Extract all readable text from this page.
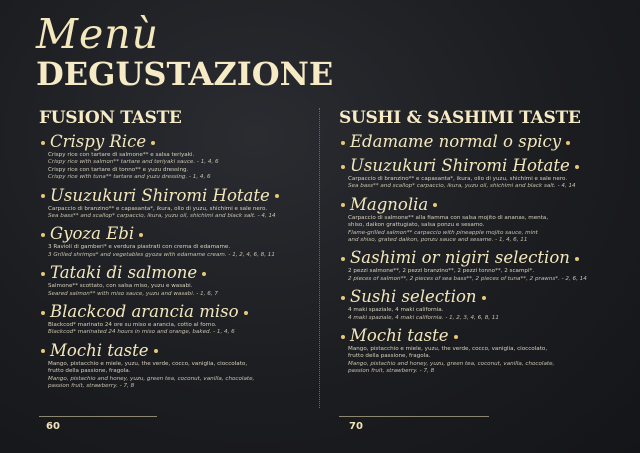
Menù
DEGUSTAZIONE
FUSION TASTE
Crispy Rice
Crispy rice con tartare di salmone** e salsa teriyaki.
Crispy rice with salmon** tartare and teriyaki sauce. - 1, 4, 6
Crispy rice con tartare di tonno** e yuzu dressing.
Crispy rice with tuna** tartare and yuzu dressing. - 1, 4, 6
Usuzukuri Shiromi Hotate
Carpaccio di branzino** e capasanta*, ikura, olio di yuzu, shichimi e sale nero.
Sea bass** and scallop* carpaccio, ikura, yuzu oil, shichimi and black salt. - 4, 14
Gyoza Ebi
3 Ravioli di gamberi* e verdura piastrati con crema di edamame.
3 Grilled shrimps* and vegetables gyoza with edamame cream. - 1, 2, 4, 6, 8, 11
Tataki di salmone
Salmone** scottato, con salsa miso, yuzu e wasabi.
Seared salmon** with miso sauce, yuzu and wasabi. - 1, 6, 7
Blackcod arancia miso
Blackcod* marinato 24 ore su miso e arancia, cotto al forno.
Blackcod* marinated 24 hours in miso and orange, baked. - 1, 4, 6
Mochi taste
Mango, pistacchio e miele, yuzu, the verde, cocco, vaniglia, cioccolato,
frutto della passione, fragola.
Mango, pistachio and honey, yuzu, green tea, coconut, vanilla, chocolate,
passion fruit, strawberry. - 7, 8
SUSHI & SASHIMI TASTE
Edamame normal o spicy
Usuzukuri Shiromi Hotate
Carpaccio di branzino** e capasanta*, ikura, olio di yuzu, shichimi e sale nero.
Sea bass** and scallop* carpaccio, ikura, yuzu oil, shichimi and black salt. - 4, 14
Magnolia
Carpaccio di salmone** alla fiamma con salsa mojito di ananas, menta,
shiso, daikon grattugiato, salsa ponzu e sesamo.
Flame-grilled salmon** carpaccio with pineapple mojito sauce, mint
and shiso, grated daikon, ponzu sauce and sesame. - 1, 4, 6, 11
Sashimi or nigiri selection
2 pezzi salmone**, 2 pezzi branzino**, 2 pezzi tonno**, 2 scampi*.
2 pieces of salmon**, 2 pieces of sea bass**, 2 pieces of tuna**, 2 prawns*. - 2, 6, 14
Sushi selection
4 maki spaziale, 4 maki california.
4 maki spaziale, 4 maki california. - 1, 2, 3, 4, 6, 8, 11
Mochi taste
Mango, pistacchio e miele, yuzu, the verde, cocco, vaniglia, cioccolato,
frutto della passione, fragola.
Mango, pistachio and honey, yuzu, green tea, coconut, vanilla, chocolate,
passion fruit, strawberry. - 7, 8
60	70
